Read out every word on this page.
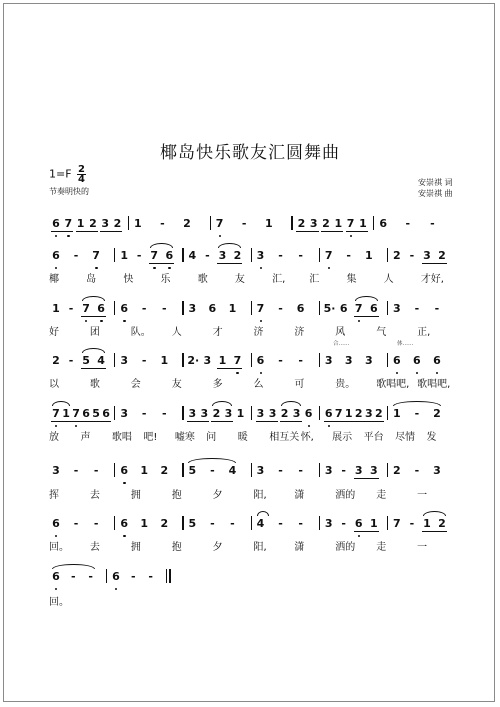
椰岛快乐歌友汇圆舞曲
$1=F \frac{2}{4}$
节奏明快的
安崇祺 词
安崇祺 曲
6 7 1 2 3 2 1 - 2 7 - 1 2 3 2 1 7 1 6 - -
6 - 7 1 - 7 6 4 - 3 2 3 - - 7 - 1 2 - 3 2
椰	岛	快	乐	歌	友	汇, 汇	集	人	才好,
1 - 7 6 6 - - 3 6 1 7 - 6 5· 6 7 6 3 - -
好	团	队。 人	才	济	济	风	气	正,
2 - 5 4 3 - 1 2· 3 1 7 6 - - 3 3 3 6 6 6
以	歌	会	友	多	么	可	贵。 歌唱吧, 歌唱吧,
合……	体……
7 1 7 6 5 6 3 - - 3 3 2 3 1 3 3 2 3 6 6 7 1 2 3 2 1 - 2
放 声 歌唱 吧! 嘘寒 问 暖 相互关 怀, 展示 平台 尽情 发
3 - - 6 1 2 5 - 4 3 - - 3 - 3 3 2 - 3
挥	去	拥	抱	夕	阳,	潇	洒的 走	一
6 - - 6 1 2 5 - - 4 - - 3 - 6 1 7 - 1 2
回。 去	拥	抱	夕	阳,	潇	洒的 走	一
6 - - 6 - -
回。
